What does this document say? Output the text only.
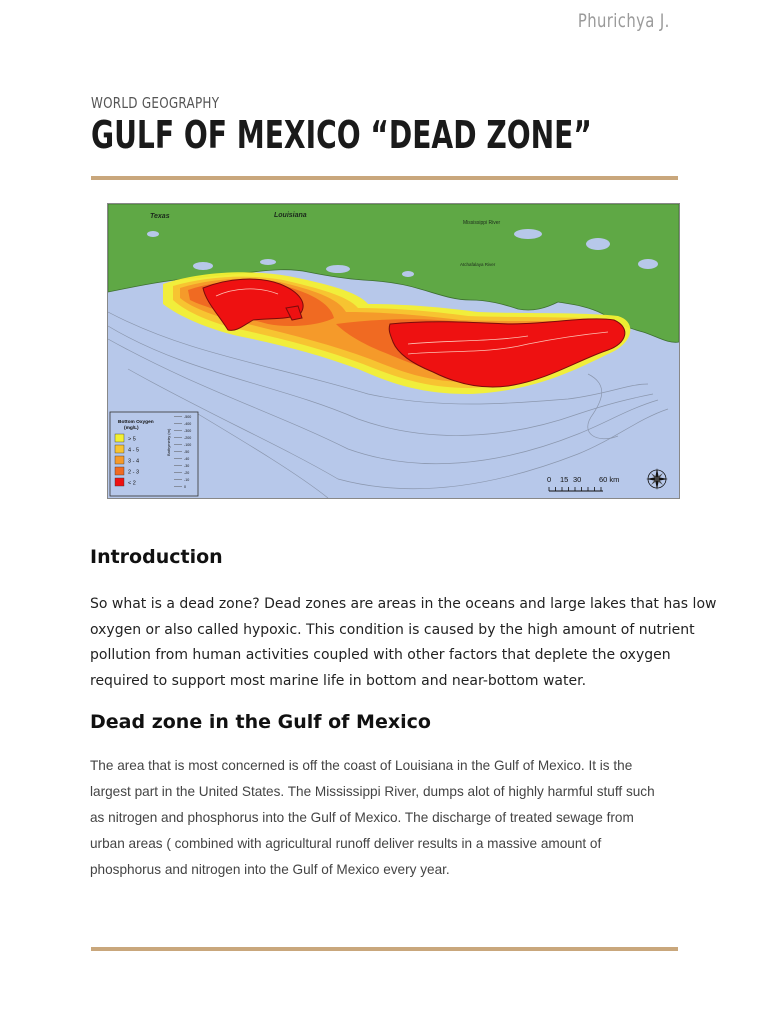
Phurichya J.
WORLD GEOGRAPHY
GULF OF MEXICO “DEAD ZONE”
Texas	Louisiana
Mississippi River
Atchafalaya River
Bottom Oxygen
(mg/L)
> 5
4 - 5
3 - 4
2 - 3
< 2
Bathymetry (m)
-500
-400
-300
-200
-100
-50
-40
-30
-20
-10
0
0 15 30 60 km
Introduction
So what is a dead zone? Dead zones are areas in the oceans and large lakes that has low
oxygen or also called hypoxic. This condition is caused by the high amount of nutrient
pollution from human activities coupled with other factors that deplete the oxygen
required to support most marine life in bottom and near-bottom water.
Dead zone in the Gulf of Mexico
The area that is most concerned is off the coast of Louisiana in the Gulf of Mexico. It is the
largest part in the United States. The Mississippi River, dumps alot of highly harmful stuff such
as nitrogen and phosphorus into the Gulf of Mexico. The discharge of treated sewage from
urban areas ( combined with agricultural runoff deliver results in a massive amount of
phosphorus and nitrogen into the Gulf of Mexico every year.
